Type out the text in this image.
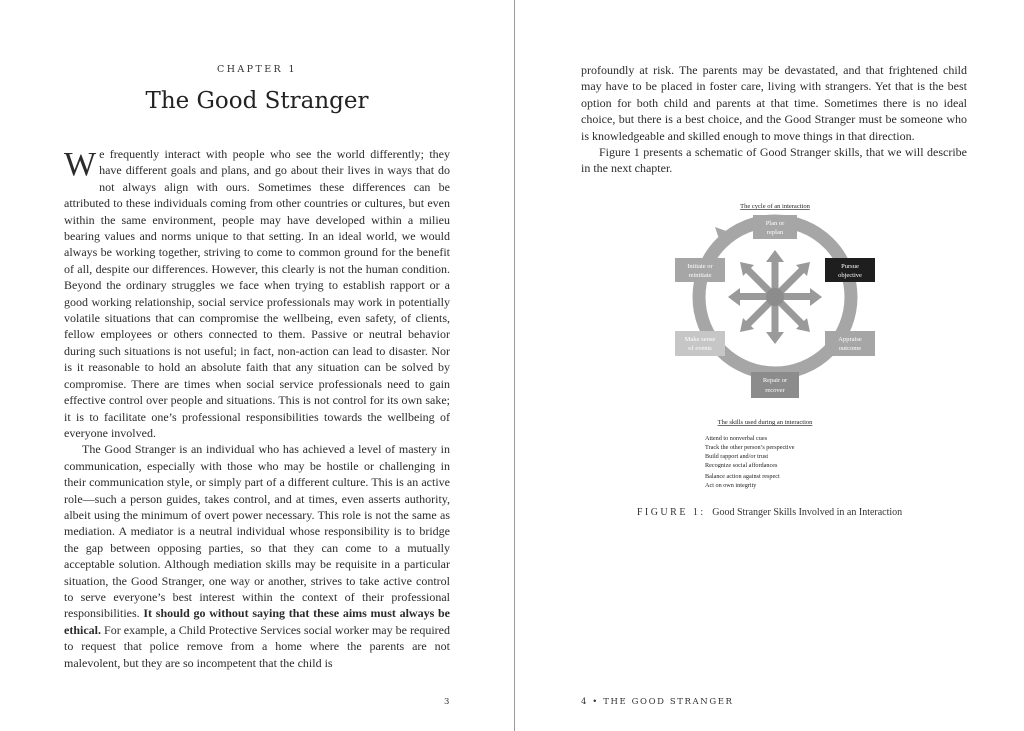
CHAPTER 1
The Good Stranger

We frequently interact with people who see the world differently; they have different goals and plans, and go about their lives in ways that do not always align with ours. Sometimes these differences can be attributed to these individuals coming from other countries or cultures, but even within the same environment, people may have developed within a milieu bearing values and norms unique to that setting. In an ideal world, we would always be working together, striving to come to common ground for the benefit of all, despite our differences. However, this clearly is not the human condition. Beyond the ordinary struggles we face when trying to establish rapport or a good working relationship, social service professionals may work in potentially volatile situations that can compromise the wellbeing, even safety, of clients, fellow employees or others connected to them. Passive or neutral behavior during such situations is not useful; in fact, non-action can lead to disaster. Nor is it reasonable to hold an absolute faith that any situation can be solved by compromise. There are times when social service professionals need to gain effective control over people and situations. This is not control for its own sake; it is to facilitate one’s professional responsibilities towards the wellbeing of everyone involved.

The Good Stranger is an individual who has achieved a level of mastery in communication, especially with those who may be hostile or challenging in their communication style, or simply part of a different culture. This is an active role—such a person guides, takes control, and at times, even asserts authority, albeit using the minimum of overt power necessary. This role is not the same as mediation. A mediator is a neutral individual whose responsibility is to bridge the gap between opposing parties, so that they can come to a mutually acceptable solution. Although mediation skills may be requisite in a particular situation, the Good Stranger, one way or another, strives to take active control to serve everyone’s best interest within the context of their professional responsibilities. It should go without saying that these aims must always be ethical. For example, a Child Protective Services social worker may be required to request that police remove from a home where the parents are not malevolent, but they are so incompetent that the child is

3

profoundly at risk. The parents may be devastated, and that frightened child may have to be placed in foster care, living with strangers. Yet that is the best option for both child and parents at that time. Sometimes there is no ideal choice, but there is a best choice, and the Good Stranger must be someone who is knowledgeable and skilled enough to move things in that direction.

Figure 1 presents a schematic of Good Stranger skills, that we will describe in the next chapter.

The cycle of an interaction
Plan or
replan
Pursue
objective
Appraise
outcome
Repair or
recover
Make sense
of events
Initiate or
reinitiate
The skills used during an interaction
Attend to nonverbal cues
Track the other person’s perspective
Build rapport and/or trust
Recognize social affordances
Balance action against respect
Act on own integrity
FIGURE 1: Good Stranger Skills Involved in an Interaction
4 • THE GOOD STRANGER
